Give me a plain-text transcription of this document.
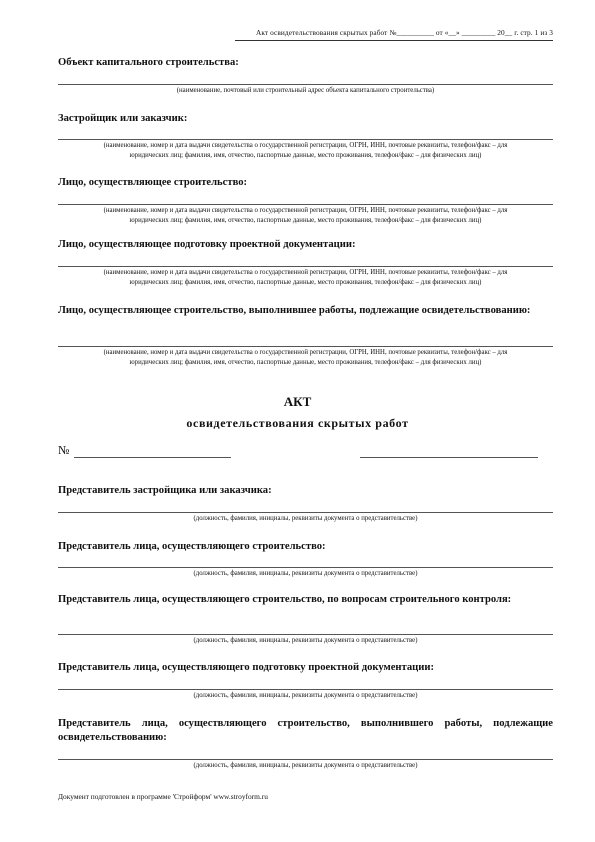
Акт освидетельствования скрытых работ №__________ от «__» _________ 20__ г. стр. 1 из 3
Объект капитального строительства:
(наименование, почтовый или строительный адрес объекта капитального строительства)
Застройщик или заказчик:
(наименование, номер и дата выдачи свидетельства о государственной регистрации, ОГРН, ИНН, почтовые реквизиты, телефон/факс – для
юридических лиц; фамилия, имя, отчество, паспортные данные, место проживания, телефон/факс – для физических лиц)
Лицо, осуществляющее строительство:
(наименование, номер и дата выдачи свидетельства о государственной регистрации, ОГРН, ИНН, почтовые реквизиты, телефон/факс – для
юридических лиц; фамилия, имя, отчество, паспортные данные, место проживания, телефон/факс – для физических лиц)
Лицо, осуществляющее подготовку проектной документации:
(наименование, номер и дата выдачи свидетельства о государственной регистрации, ОГРН, ИНН, почтовые реквизиты, телефон/факс – для
юридических лиц; фамилия, имя, отчество, паспортные данные, место проживания, телефон/факс – для физических лиц)
Лицо, осуществляющее строительство, выполнившее работы, подлежащие освидетельствованию:
(наименование, номер и дата выдачи свидетельства о государственной регистрации, ОГРН, ИНН, почтовые реквизиты, телефон/факс – для
юридических лиц; фамилия, имя, отчество, паспортные данные, место проживания, телефон/факс – для физических лиц)
АКТ
освидетельствования скрытых работ
№
Представитель застройщика или заказчика:
(должность, фамилия, инициалы, реквизиты документа о представительстве)
Представитель лица, осуществляющего строительство:
(должность, фамилия, инициалы, реквизиты документа о представительстве)
Представитель лица, осуществляющего строительство, по вопросам строительного контроля:
(должность, фамилия, инициалы, реквизиты документа о представительстве)
Представитель лица, осуществляющего подготовку проектной документации:
(должность, фамилия, инициалы, реквизиты документа о представительстве)
Представитель лица, осуществляющего строительство, выполнившего работы, подлежащие освидетельствованию:
(должность, фамилия, инициалы, реквизиты документа о представительстве)
Документ подготовлен в программе 'Стройформ' www.stroyform.ru
